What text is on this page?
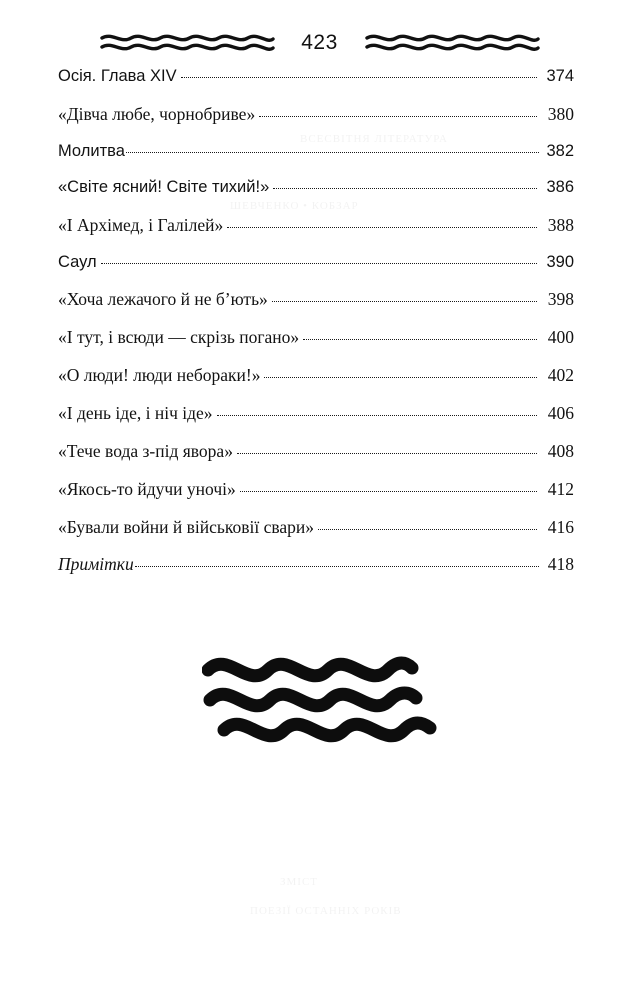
ВСЕСВІТНЯ ЛІТЕРАТУРА
ШЕВЧЕНКО • КОБЗАР
ЗМІСТ
ПОЕЗІЇ ОСТАННІХ РОКІВ
423
Осія. Глава XIV	374
«Дівча любе, чорнобриве»	380
Молитва	382
«Світе ясний! Світе тихий!»	386
«І Архімед, і Галілей»	388
Саул	390
«Хоча лежачого й не б’ють»	398
«І тут, і всюди — скрізь погано»	400
«О люди! люди неборакиǃ»	402
«І день іде, і ніч іде»	406
«Тече вода з-під явора»	408
«Якось-то йдучи уночі»	412
«Бували войни й військовії свари»	416
Примітки	418
